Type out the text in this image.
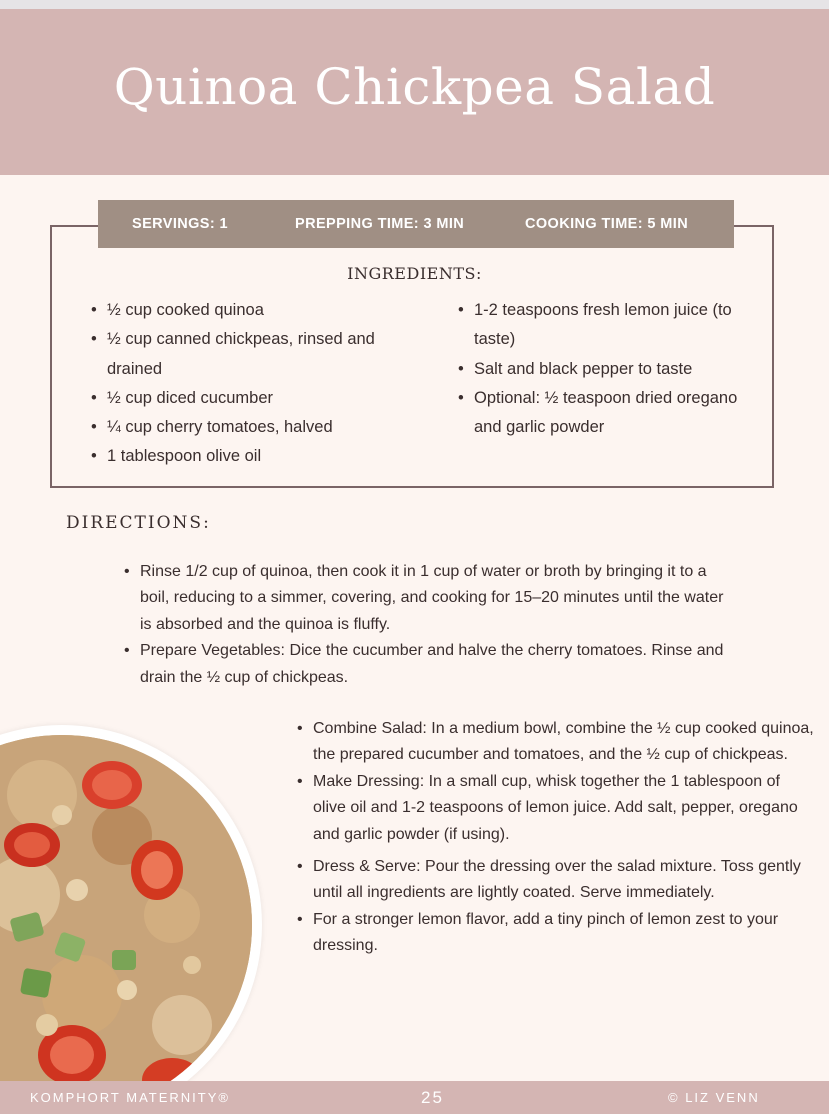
Quinoa Chickpea Salad
SERVINGS: 1	PREPPING TIME: 3 MIN	COOKING TIME: 5 MIN
INGREDIENTS:
• ½ cup cooked quinoa
• ½ cup canned chickpeas, rinsed and drained
• ½ cup diced cucumber
• ¼ cup cherry tomatoes, halved
• 1 tablespoon olive oil
• 1-2 teaspoons fresh lemon juice (to taste)
• Salt and black pepper to taste
• Optional: ½ teaspoon dried oregano and garlic powder
DIRECTIONS:
• Rinse 1/2 cup of quinoa, then cook it in 1 cup of water or broth by bringing it to a boil, reducing to a simmer, covering, and cooking for 15–20 minutes until the water is absorbed and the quinoa is fluffy.
• Prepare Vegetables: Dice the cucumber and halve the cherry tomatoes. Rinse and drain the ½ cup of chickpeas.
• Combine Salad: In a medium bowl, combine the ½ cup cooked quinoa, the prepared cucumber and tomatoes, and the ½ cup of chickpeas.
• Make Dressing: In a small cup, whisk together the 1 tablespoon of olive oil and 1-2 teaspoons of lemon juice. Add salt, pepper, oregano and garlic powder (if using).
• Dress & Serve: Pour the dressing over the salad mixture. Toss gently until all ingredients are lightly coated. Serve immediately.
• For a stronger lemon flavor, add a tiny pinch of lemon zest to your dressing.
KOMPHORT MATERNITY®	25	© LIZ VENN
